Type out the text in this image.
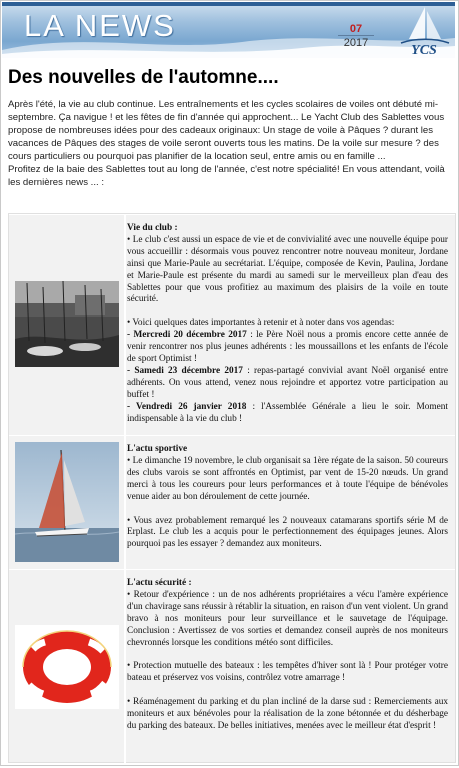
LA NEWS	07
2017	YCS
Des nouvelles de l'automne....

Après l'été, la vie au club continue. Les entraînements et les cycles scolaires de voiles ont débuté mi-septembre. Ça navigue ! et les fêtes de fin d'année qui approchent... Le Yacht Club des Sablettes vous propose de nombreuses idées pour des cadeaux originaux: Un stage de voile à Pâques ? durant les vacances de Pâques des stages de voile seront ouverts tous les matins. De la voile sur mesure ? des cours particuliers ou pourquoi pas planifier de la location seul, entre amis ou en famille ...

Profitez de la baie des Sablettes tout au long de l'année, c'est notre spécialité! En vous attendant, voilà les dernières news ... :

Vie du club :

• Le club c'est aussi un espace de vie et de convivialité avec une nouvelle équipe pour vous accueillir : désormais vous pouvez rencontrer notre nouveau moniteur, Jordane ainsi que Marie-Paule au secrétariat. L'équipe, composée de Kevin, Paulina, Jordane et Marie-Paule est présente du mardi au samedi sur le merveilleux plan d'eau des Sablettes pour que vous profitiez au maximum des plaisirs de la voile en toute sécurité.

• Voici quelques dates importantes à retenir et à noter dans vos agendas:

- Mercredi 20 décembre 2017 : le Père Noël nous a promis encore cette année de venir rencontrer nos plus jeunes adhérents : les moussaillons et les enfants de l'école de sport Optimist !

- Samedi 23 décembre 2017 : repas-partagé convivial avant Noël organisé entre adhérents. On vous attend, venez nous rejoindre et apportez votre participation au buffet !

- Vendredi 26 janvier 2018 : l'Assemblée Générale a lieu le soir. Moment indispensable à la vie du club !

L'actu sportive

• Le dimanche 19 novembre, le club organisait sa 1ère régate de la saison. 50 coureurs des clubs varois se sont affrontés en Optimist, par vent de 15-20 nœuds. Un grand merci à tous les coureurs pour leurs performances et à toute l'équipe de bénévoles venue aider au bon déroulement de cette journée.

• Vous avez probablement remarqué les 2 nouveaux catamarans sportifs série M de Erplast. Le club les a acquis pour le perfectionnement des équipages jeunes. Alors pourquoi pas les essayer ? demandez aux moniteurs.

L'actu sécurité :

• Retour d'expérience : un de nos adhérents propriétaires a vécu l'amère expérience d'un chavirage sans réussir à rétablir la situation, en raison d'un vent violent. Un grand bravo à nos moniteurs pour leur surveillance et le sauvetage de l'équipage. Conclusion : Avertissez de vos sorties et demandez conseil auprès de nos moniteurs chevronnés lorsque les conditions météo sont difficiles.

• Protection mutuelle des bateaux : les tempêtes d'hiver sont là ! Pour protéger votre bateau et préservez vos voisins, contrôlez votre amarrage !

• Réaménagement du parking et du plan incliné de la darse sud : Remerciements aux moniteurs et aux bénévoles pour la réalisation de la zone bétonnée et du désherbage du parking des bateaux. De belles initiatives, menées avec le meilleur état d'esprit !
